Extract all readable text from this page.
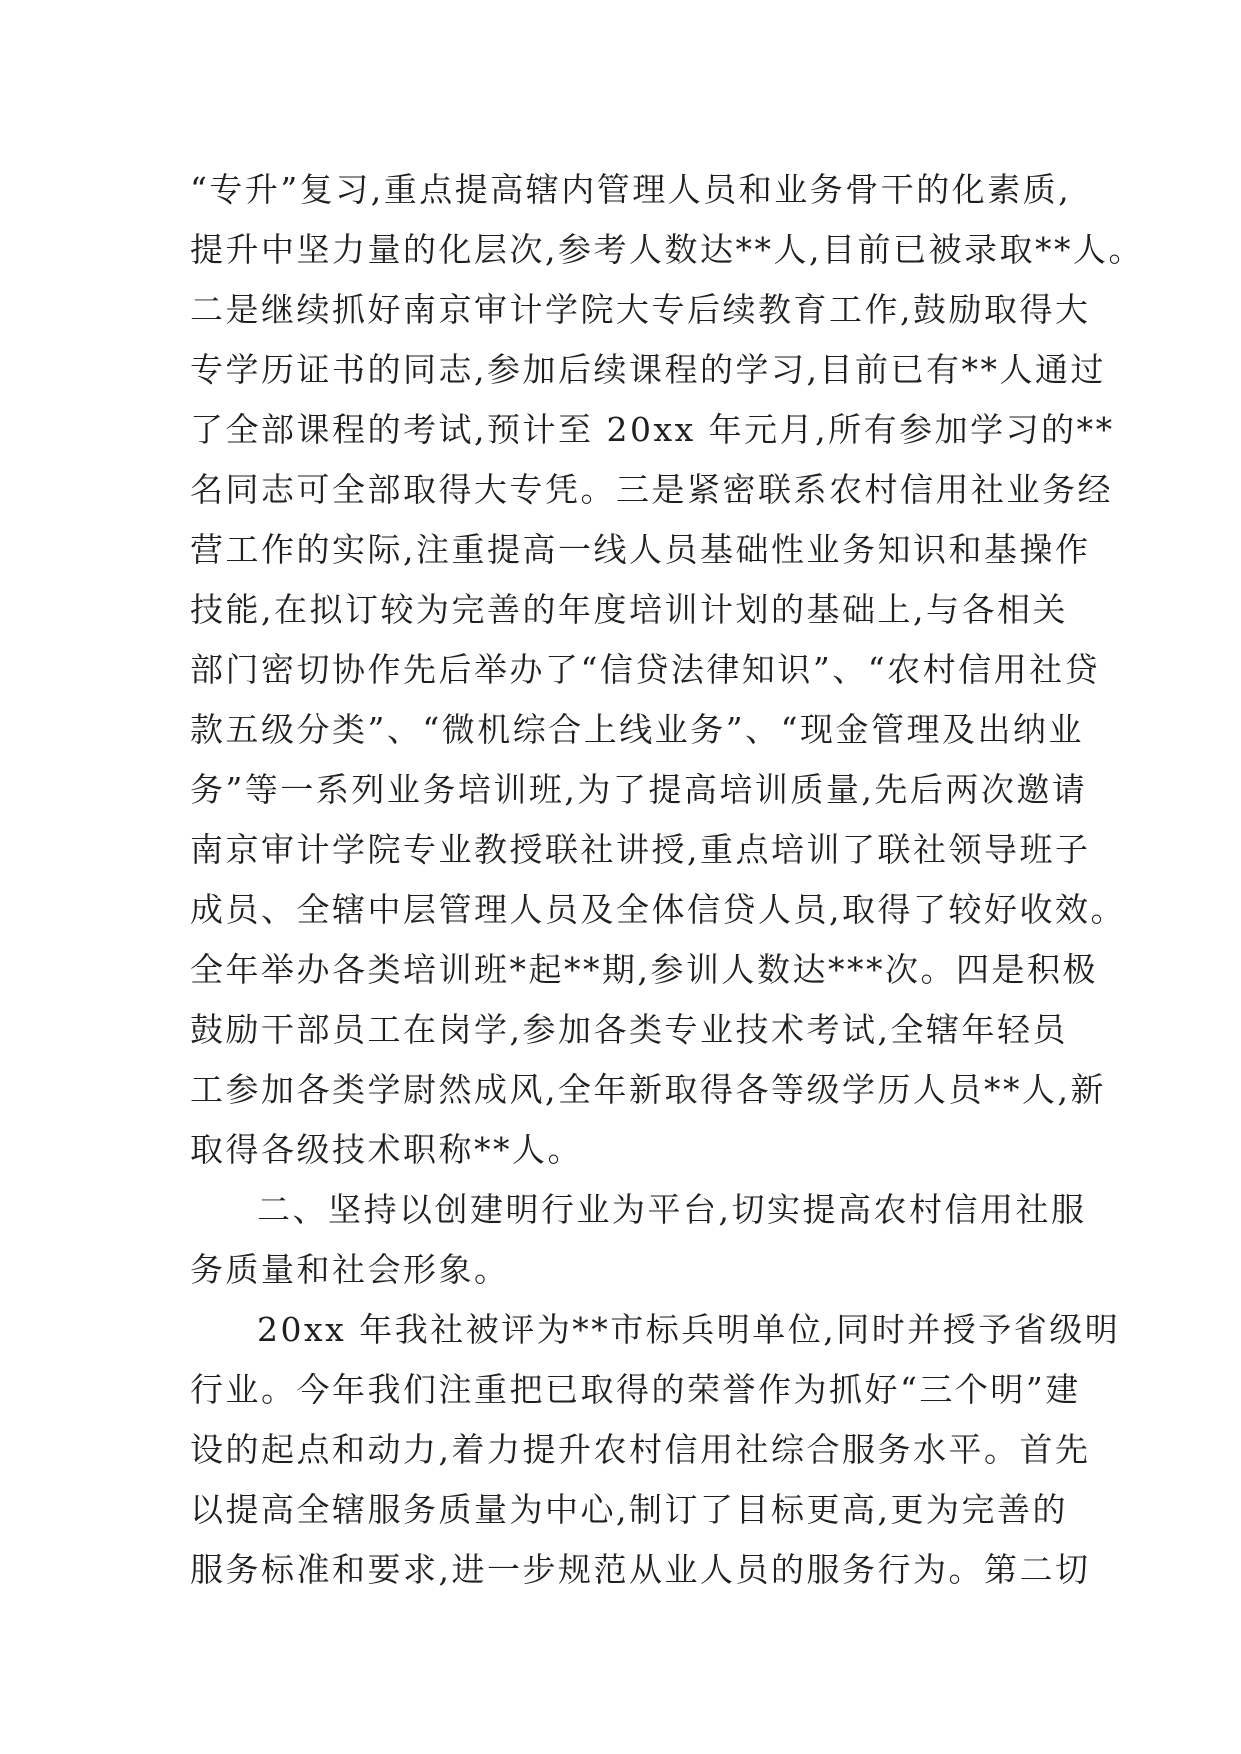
“专升”复习,重点提高辖内管理人员和业务骨干的化素质,
提升中坚力量的化层次,参考人数达**人,目前已被录取**人。
二是继续抓好南京审计学院大专后续教育工作,鼓励取得大
专学历证书的同志,参加后续课程的学习,目前已有**人通过
了全部课程的考试,预计至 20xx 年元月,所有参加学习的**
名同志可全部取得大专凭。三是紧密联系农村信用社业务经
营工作的实际,注重提高一线人员基础性业务知识和基操作
技能,在拟订较为完善的年度培训计划的基础上,与各相关
部门密切协作先后举办了“信贷法律知识”、“农村信用社贷
款五级分类”、“微机综合上线业务”、“现金管理及出纳业
务”等一系列业务培训班,为了提高培训质量,先后两次邀请
南京审计学院专业教授联社讲授,重点培训了联社领导班子
成员、全辖中层管理人员及全体信贷人员,取得了较好收效。
全年举办各类培训班*起**期,参训人数达***次。四是积极
鼓励干部员工在岗学,参加各类专业技术考试,全辖年轻员
工参加各类学尉然成风,全年新取得各等级学历人员**人,新
取得各级技术职称**人。
二、坚持以创建明行业为平台,切实提高农村信用社服
务质量和社会形象。
20xx 年我社被评为**市标兵明单位,同时并授予省级明
行业。今年我们注重把已取得的荣誉作为抓好“三个明”建
设的起点和动力,着力提升农村信用社综合服务水平。首先
以提高全辖服务质量为中心,制订了目标更高,更为完善的
服务标准和要求,进一步规范从业人员的服务行为。第二切
